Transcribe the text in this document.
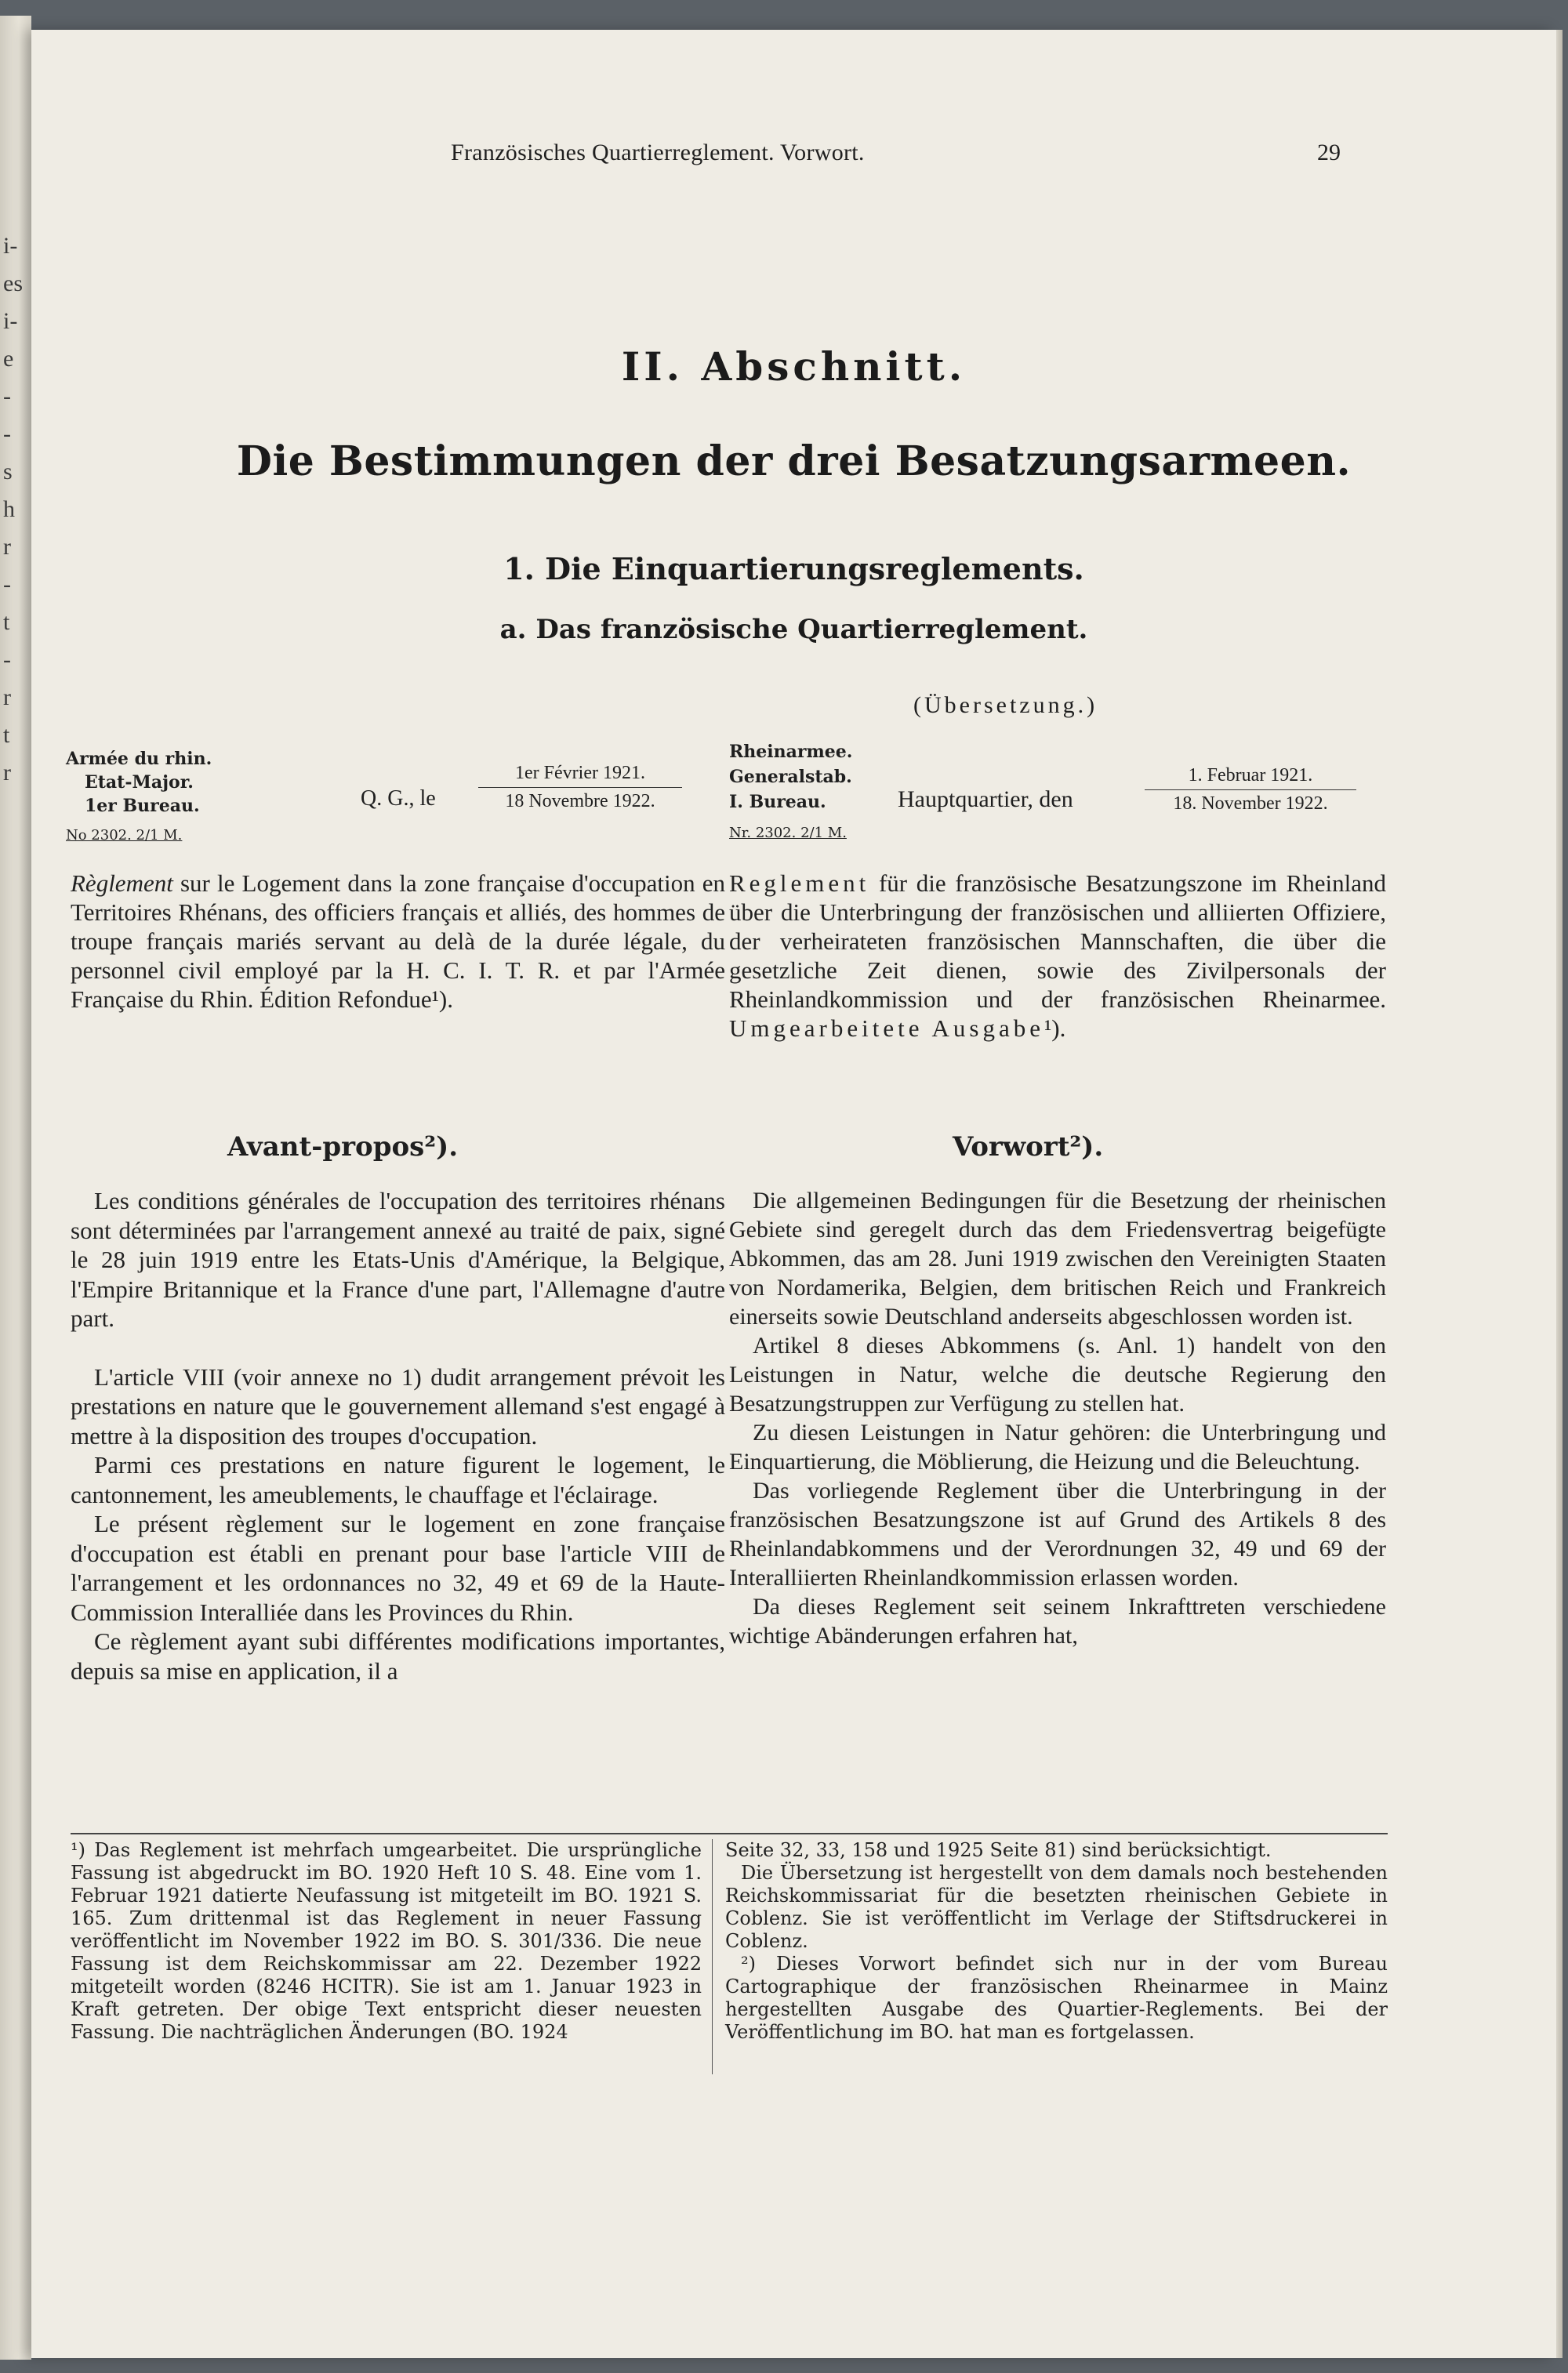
i-
es
i-
e
-
-
s
h
r
-
t
-
r
t
r
Französisches Quartierreglement. Vorwort.	29
II. Abschnitt.
Die Bestimmungen der drei Besatzungsarmeen.
1. Die Einquartierungsreglements.
a. Das französische Quartierreglement.
(Übersetzung.)
Armée du rhin.
Etat-Major.
1er Bureau.
No 2302. 2/1 M.
Q. G., le
1er Février 1921.
18 Novembre 1922.
Rheinarmee.
Generalstab.
I. Bureau.
Nr. 2302. 2/1 M.
Hauptquartier, den
1. Februar 1921.
18. November 1922.

Règlement sur le Logement dans la zone française d'occupation en Territoires Rhénans, des officiers français et alliés, des hommes de troupe français mariés servant au delà de la durée légale, du personnel civil employé par la H. C. I. T. R. et par l'Armée Française du Rhin. Édition Refondue¹).

Reglement für die französische Besatzungszone im Rheinland über die Unterbringung der französischen und alliierten Offiziere, der verheirateten französischen Mannschaften, die über die gesetzliche Zeit dienen, sowie des Zivilpersonals der Rheinlandkommission und der französischen Rheinarmee. Umgearbeitete Ausgabe¹).

Avant-propos²).	Vorwort²).

Les conditions générales de l'occupation des territoires rhénans sont déterminées par l'arrangement annexé au traité de paix, signé le 28 juin 1919 entre les Etats-Unis d'Amérique, la Belgique, l'Empire Britannique et la France d'une part, l'Allemagne d'autre part.

L'article VIII (voir annexe no 1) dudit arrangement prévoit les prestations en nature que le gouvernement allemand s'est engagé à mettre à la disposition des troupes d'occupation.

Parmi ces prestations en nature figurent le logement, le cantonnement, les ameublements, le chauffage et l'éclairage.

Le présent règlement sur le logement en zone française d'occupation est établi en prenant pour base l'article VIII de l'arrangement et les ordonnances no 32, 49 et 69 de la Haute-Commission Interalliée dans les Provinces du Rhin.

Ce règlement ayant subi différentes modifications importantes, depuis sa mise en application, il a

Die allgemeinen Bedingungen für die Besetzung der rheinischen Gebiete sind geregelt durch das dem Friedensvertrag beigefügte Abkommen, das am 28. Juni 1919 zwischen den Vereinigten Staaten von Nordamerika, Belgien, dem britischen Reich und Frankreich einerseits sowie Deutschland anderseits abgeschlossen worden ist.

Artikel 8 dieses Abkommens (s. Anl. 1) handelt von den Leistungen in Natur, welche die deutsche Regierung den Besatzungstruppen zur Verfügung zu stellen hat.

Zu diesen Leistungen in Natur gehören: die Unterbringung und Einquartierung, die Möblierung, die Heizung und die Beleuchtung.

Das vorliegende Reglement über die Unterbringung in der französischen Besatzungszone ist auf Grund des Artikels 8 des Rheinlandabkommens und der Verordnungen 32, 49 und 69 der Interalliierten Rheinlandkommission erlassen worden.

Da dieses Reglement seit seinem Inkrafttreten verschiedene wichtige Abänderungen erfahren hat,

¹) Das Reglement ist mehrfach umgearbeitet. Die ursprüngliche Fassung ist abgedruckt im BO. 1920 Heft 10 S. 48. Eine vom 1. Februar 1921 datierte Neufassung ist mitgeteilt im BO. 1921 S. 165. Zum drittenmal ist das Reglement in neuer Fassung veröffentlicht im November 1922 im BO. S. 301/336. Die neue Fassung ist dem Reichskommissar am 22. Dezember 1922 mitgeteilt worden (8246 HCITR). Sie ist am 1. Januar 1923 in Kraft getreten. Der obige Text entspricht dieser neuesten Fassung. Die nachträglichen Änderungen (BO. 1924

Seite 32, 33, 158 und 1925 Seite 81) sind berücksichtigt.

Die Übersetzung ist hergestellt von dem damals noch bestehenden Reichskommissariat für die besetzten rheinischen Gebiete in Coblenz. Sie ist veröffentlicht im Verlage der Stiftsdruckerei in Coblenz.

²) Dieses Vorwort befindet sich nur in der vom Bureau Cartographique der französischen Rheinarmee in Mainz hergestellten Ausgabe des Quartier-Reglements. Bei der Veröffentlichung im BO. hat man es fortgelassen.
